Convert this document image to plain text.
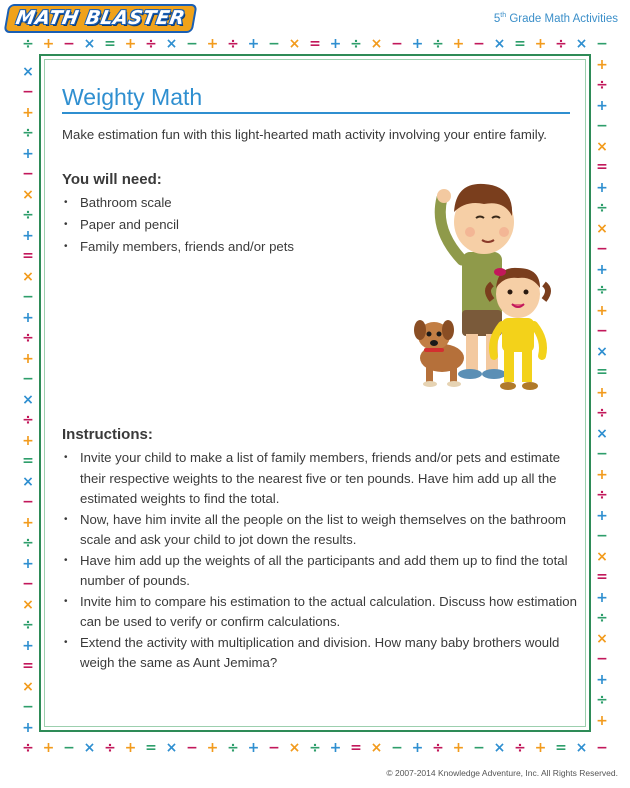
MATH BLASTER	5th Grade Math Activities
÷ + − × = + ÷ × − + ÷ + − × = + ÷ × − + ÷ + − × = + ÷ × −
+
÷
+
−
×
=
+
÷
×
−
+
÷
+
−
×
=
+
÷
×
−
+
÷
+
−
×
=
+
÷
×
−
+
÷
+
−
×
=
+
÷
×
−
+
÷
+
−
×
=
+
÷
×
−
+
÷
+
−
×
=
+
÷
×
−
+
÷
+
−
×
=
+
÷
×
−
+
÷
+
−
×
=
+
÷
×
−
+
÷
+
−
×
=
+
÷
×
−
+
÷
+
−
×
Weighty Math
Make estimation fun with this light-hearted math activity involving your entire family.
You will need:
• Bathroom scale
• Paper and pencil
• Family members, friends and/or pets
Instructions:
• Invite your child to make a list of family members, friends and/or pets and estimate their respective weights to the nearest five or ten pounds. Have him add up all the estimated weights to find the total.
• Now, have him invite all the people on the list to weigh themselves on the bathroom scale and ask your child to jot down the results.
• Have him add up the weights of all the participants and add them up to find the total number of pounds.
• Invite him to compare his estimation to the actual calculation. Discuss how estimation can be used to verify or confirm calculations.
• Extend the activity with multiplication and division. How many baby brothers would weigh the same as Aunt Jemima?
© 2007-2014 Knowledge Adventure, Inc. All Rights Reserved.
